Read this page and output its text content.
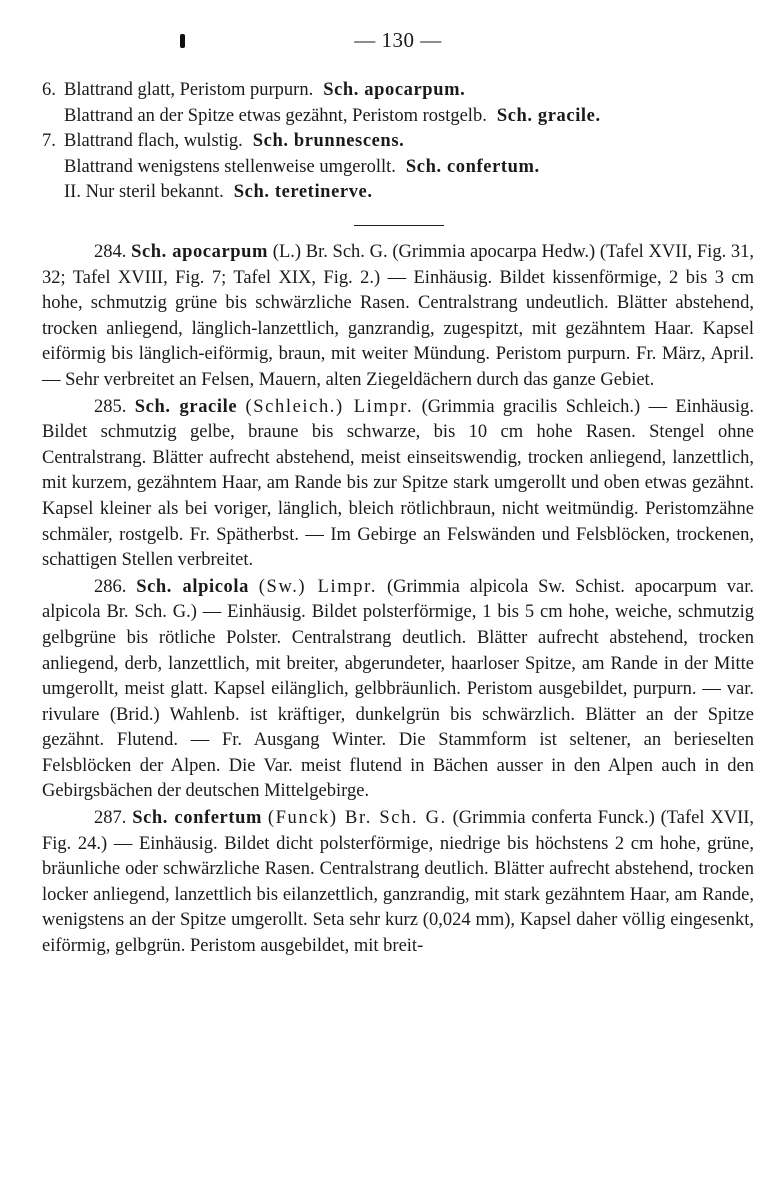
— 130 —
6. Blattrand glatt, Peristom purpurn. Sch. apocarpum.
Blattrand an der Spitze etwas gezähnt, Peristom rostgelb. Sch. gracile.
7. Blattrand flach, wulstig. Sch. brunnescens.
Blattrand wenigstens stellenweise umgerollt. Sch. confertum.
II. Nur steril bekannt. Sch. teretinerve.

284. Sch. apocarpum (L.) Br. Sch. G. (Grimmia apocarpa Hedw.) (Tafel XVII, Fig. 31, 32; Tafel XVIII, Fig. 7; Tafel XIX, Fig. 2.) — Einhäusig. Bildet kissenförmige, 2 bis 3 cm hohe, schmutzig grüne bis schwärzliche Rasen. Centralstrang undeutlich. Blätter abstehend, trocken anliegend, länglich-lanzettlich, ganzrandig, zugespitzt, mit gezähntem Haar. Kapsel eiförmig bis länglich-eiförmig, braun, mit weiter Mündung. Peristom purpurn. Fr. März, April. — Sehr verbreitet an Felsen, Mauern, alten Ziegeldächern durch das ganze Gebiet.

285. Sch. gracile (Schleich.) Limpr. (Grimmia gracilis Schleich.) — Einhäusig. Bildet schmutzig gelbe, braune bis schwarze, bis 10 cm hohe Rasen. Stengel ohne Centralstrang. Blätter aufrecht abstehend, meist einseitswendig, trocken anliegend, lanzettlich, mit kurzem, gezähntem Haar, am Rande bis zur Spitze stark umgerollt und oben etwas gezähnt. Kapsel kleiner als bei voriger, länglich, bleich rötlichbraun, nicht weitmündig. Peristomzähne schmäler, rostgelb. Fr. Spätherbst. — Im Gebirge an Felswänden und Felsblöcken, trockenen, schattigen Stellen verbreitet.

286. Sch. alpicola (Sw.) Limpr. (Grimmia alpicola Sw. Schist. apocarpum var. alpicola Br. Sch. G.) — Einhäusig. Bildet polsterförmige, 1 bis 5 cm hohe, weiche, schmutzig gelbgrüne bis rötliche Polster. Centralstrang deutlich. Blätter aufrecht abstehend, trocken anliegend, derb, lanzettlich, mit breiter, abgerundeter, haarloser Spitze, am Rande in der Mitte umgerollt, meist glatt. Kapsel eilänglich, gelbbräunlich. Peristom ausgebildet, purpurn. — var. rivulare (Brid.) Wahlenb. ist kräftiger, dunkelgrün bis schwärzlich. Blätter an der Spitze gezähnt. Flutend. — Fr. Ausgang Winter. Die Stammform ist seltener, an berieselten Felsblöcken der Alpen. Die Var. meist flutend in Bächen ausser in den Alpen auch in den Gebirgsbächen der deutschen Mittelgebirge.

287. Sch. confertum (Funck) Br. Sch. G. (Grimmia conferta Funck.) (Tafel XVII, Fig. 24.) — Einhäusig. Bildet dicht polsterförmige, niedrige bis höchstens 2 cm hohe, grüne, bräunliche oder schwärzliche Rasen. Centralstrang deutlich. Blätter aufrecht abstehend, trocken locker anliegend, lanzettlich bis eilanzettlich, ganzrandig, mit stark gezähntem Haar, am Rande, wenigstens an der Spitze umgerollt. Seta sehr kurz (0,024 mm), Kapsel daher völlig eingesenkt, eiförmig, gelbgrün. Peristom ausgebildet, mit breit-
